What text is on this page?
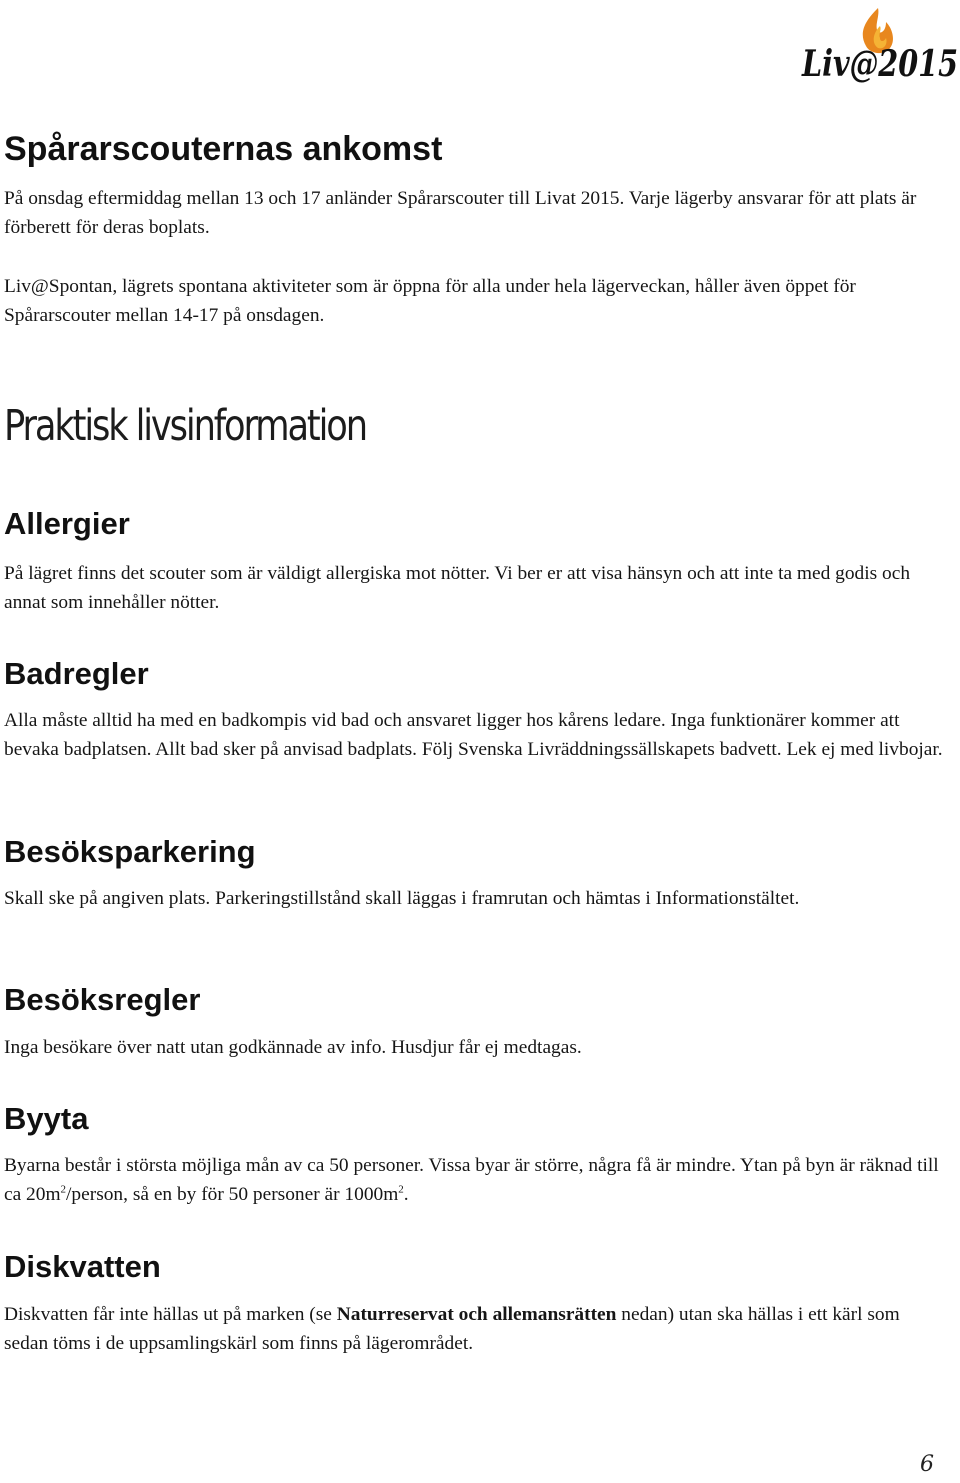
Liv@2015
Spårarscouternas ankomst

På onsdag eftermiddag mellan 13 och 17 anländer Spårarscouter till Livat 2015. Varje lägerby ansvarar för att plats är förberett för deras boplats.

Liv@Spontan, lägrets spontana aktiviteter som är öppna för alla under hela lägerveckan, håller även öppet för Spårarscouter mellan 14-17 på onsdagen.

Praktisk livsinformation
Allergier

På lägret finns det scouter som är väldigt allergiska mot nötter. Vi ber er att visa hänsyn och att inte ta med godis och annat som innehåller nötter.

Badregler

Alla måste alltid ha med en badkompis vid bad och ansvaret ligger hos kårens ledare. Inga funktionärer kommer att bevaka badplatsen. Allt bad sker på anvisad badplats. Följ Svenska Livräddningssällskapets badvett. Lek ej med livbojar.

Besöksparkering

Skall ske på angiven plats. Parkeringstillstånd skall läggas i framrutan och hämtas i Informationstältet.

Besöksregler

Inga besökare över natt utan godkännade av info. Husdjur får ej medtagas.

Byyta

Byarna består i största möjliga mån av ca 50 personer. Vissa byar är större, några få är mindre. Ytan på byn är räknad till ca $20m^2$/person, så en by för 50 personer är $1000m^2$.

Diskvatten

Diskvatten får inte hällas ut på marken (se Naturreservat och allemansrätten nedan) utan ska hällas i ett kärl som sedan töms i de uppsamlingskärl som finns på lägerområdet.

6
